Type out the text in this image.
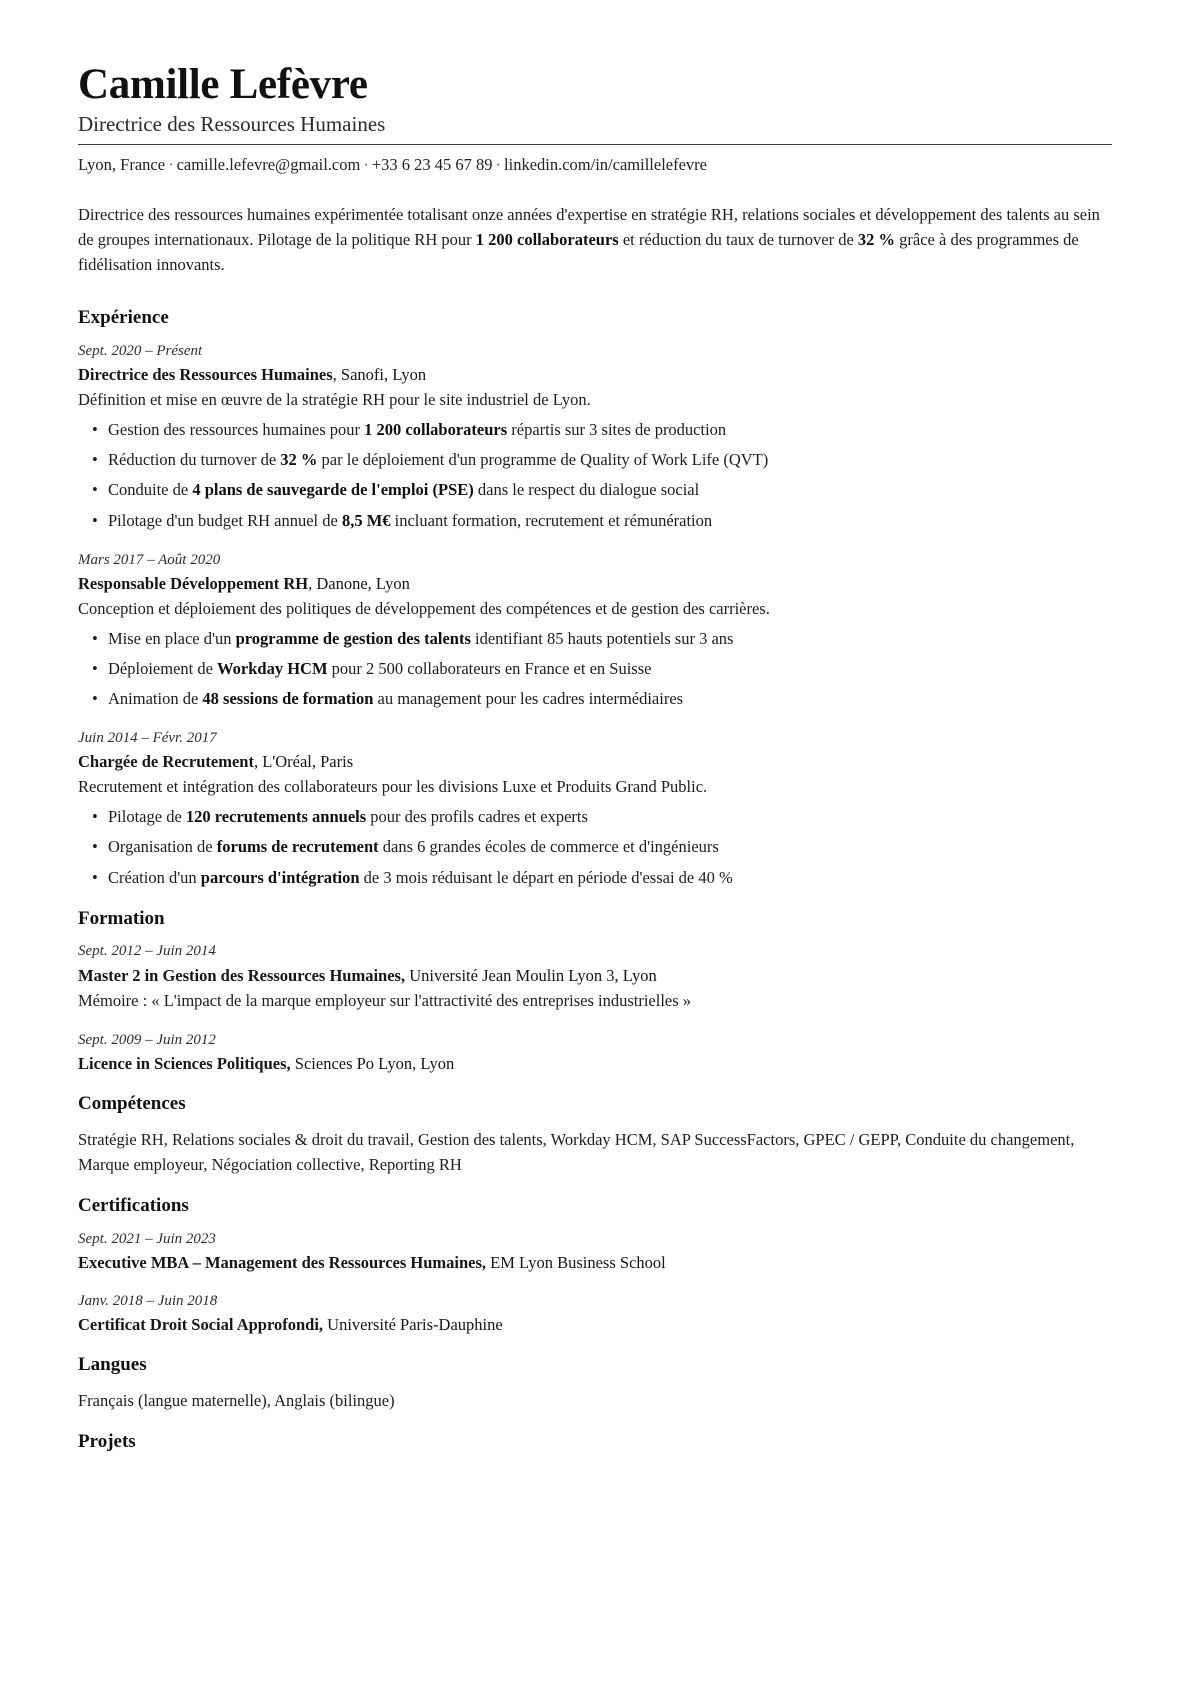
Camille Lefèvre
Directrice des Ressources Humaines
Lyon, France · camille.lefevre@gmail.com · +33 6 23 45 67 89 · linkedin.com/in/camillelefevre

Directrice des ressources humaines expérimentée totalisant onze années d'expertise en stratégie RH, relations sociales et développement des talents au sein de groupes internationaux. Pilotage de la politique RH pour 1 200 collaborateurs et réduction du taux de turnover de 32 % grâce à des programmes de fidélisation innovants.

Expérience
Sept. 2020 – Présent
Directrice des Ressources Humaines, Sanofi, Lyon
Définition et mise en œuvre de la stratégie RH pour le site industriel de Lyon.
• Gestion des ressources humaines pour 1 200 collaborateurs répartis sur 3 sites de production
• Réduction du turnover de 32 % par le déploiement d'un programme de Quality of Work Life (QVT)
• Conduite de 4 plans de sauvegarde de l'emploi (PSE) dans le respect du dialogue social
• Pilotage d'un budget RH annuel de 8,5 M€ incluant formation, recrutement et rémunération
Mars 2017 – Août 2020
Responsable Développement RH, Danone, Lyon
Conception et déploiement des politiques de développement des compétences et de gestion des carrières.
• Mise en place d'un programme de gestion des talents identifiant 85 hauts potentiels sur 3 ans
• Déploiement de Workday HCM pour 2 500 collaborateurs en France et en Suisse
• Animation de 48 sessions de formation au management pour les cadres intermédiaires
Juin 2014 – Févr. 2017
Chargée de Recrutement, L'Oréal, Paris
Recrutement et intégration des collaborateurs pour les divisions Luxe et Produits Grand Public.
• Pilotage de 120 recrutements annuels pour des profils cadres et experts
• Organisation de forums de recrutement dans 6 grandes écoles de commerce et d'ingénieurs
• Création d'un parcours d'intégration de 3 mois réduisant le départ en période d'essai de 40 %
Formation
Sept. 2012 – Juin 2014
Master 2 in Gestion des Ressources Humaines, Université Jean Moulin Lyon 3, Lyon
Mémoire : « L'impact de la marque employeur sur l'attractivité des entreprises industrielles »
Sept. 2009 – Juin 2012
Licence in Sciences Politiques, Sciences Po Lyon, Lyon
Compétences

Stratégie RH, Relations sociales & droit du travail, Gestion des talents, Workday HCM, SAP SuccessFactors, GPEC / GEPP, Conduite du changement, Marque employeur, Négociation collective, Reporting RH

Certifications
Sept. 2021 – Juin 2023
Executive MBA – Management des Ressources Humaines, EM Lyon Business School
Janv. 2018 – Juin 2018
Certificat Droit Social Approfondi, Université Paris-Dauphine
Langues

Français (langue maternelle), Anglais (bilingue)

Projets
